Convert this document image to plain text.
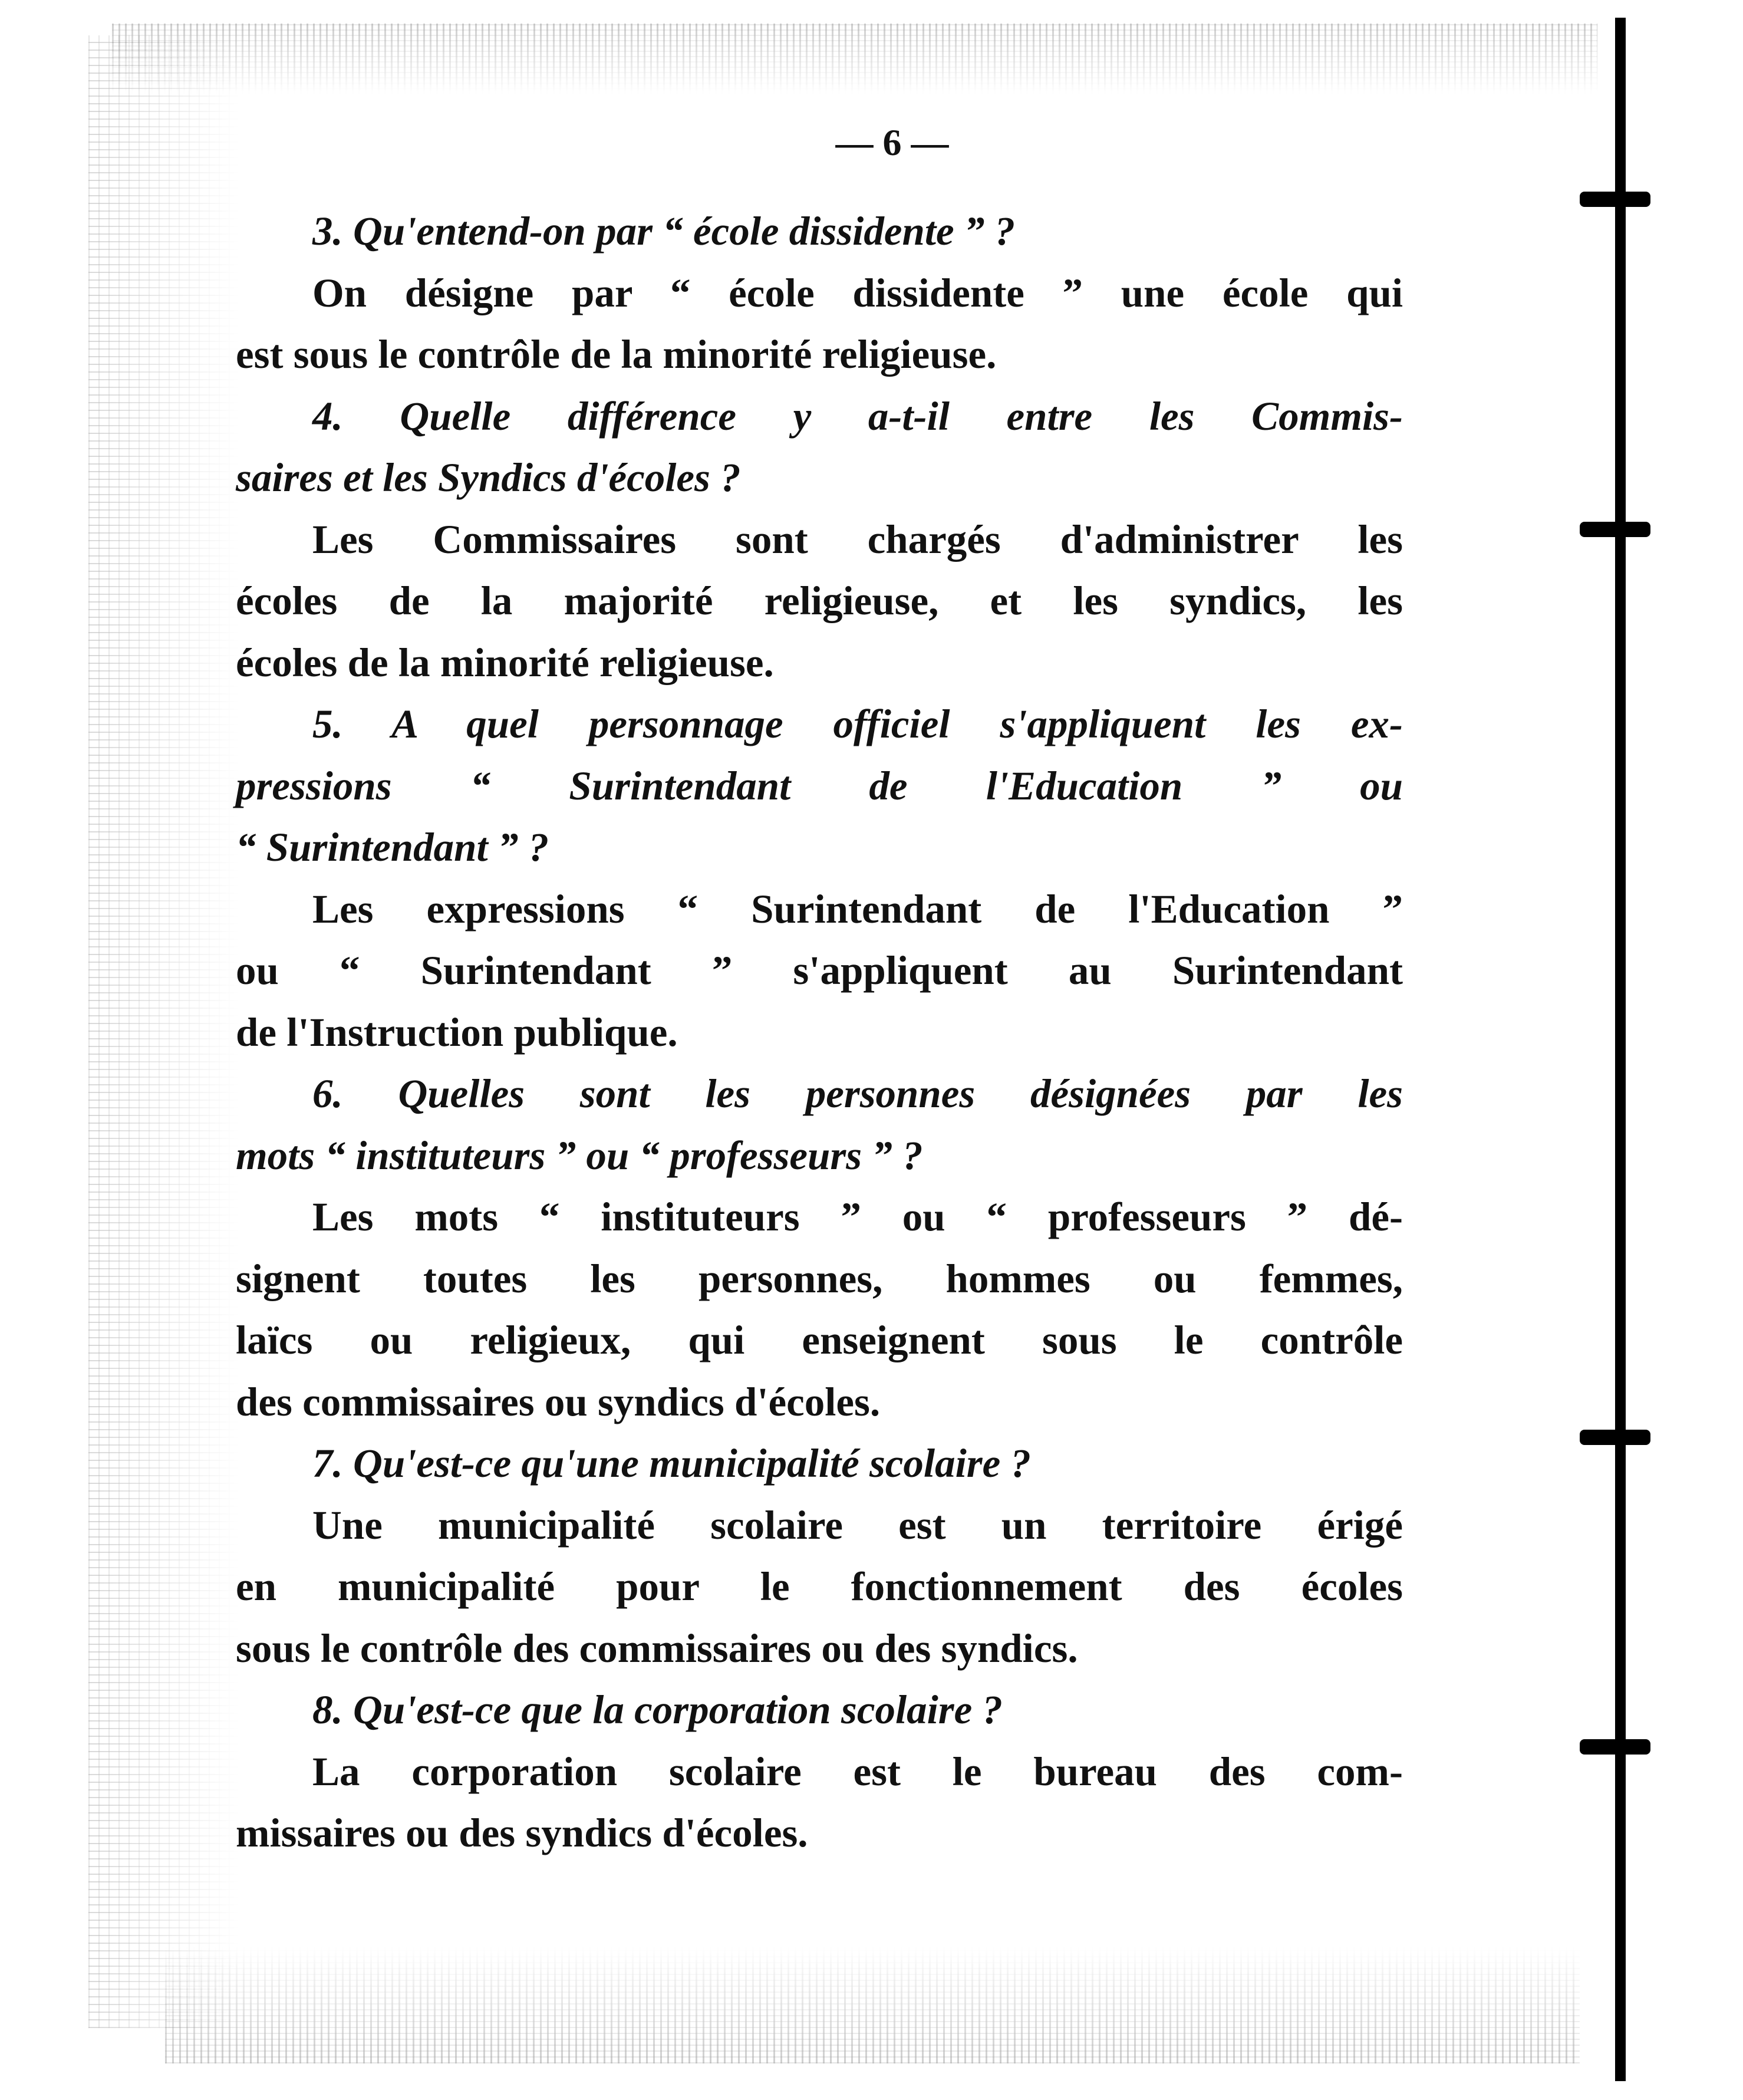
— 6 —
3. Qu'entend-on par “ école dissidente ” ?
On désigne par “ école dissidente ” une école qui
est sous le contrôle de la minorité religieuse.
4. Quelle différence y a-t-il entre les Commis-
saires et les Syndics d'écoles ?
Les Commissaires sont chargés d'administrer les
écoles de la majorité religieuse, et les syndics, les
écoles de la minorité religieuse.
5. A quel personnage officiel s'appliquent les ex-
pressions “ Surintendant de l'Education ” ou
“ Surintendant ” ?
Les expressions “ Surintendant de l'Education ”
ou “ Surintendant ” s'appliquent au Surintendant
de l'Instruction publique.
6. Quelles sont les personnes désignées par les
mots “ instituteurs ” ou “ professeurs ” ?
Les mots “ instituteurs ” ou “ professeurs ” dé-
signent toutes les personnes, hommes ou femmes,
laïcs ou religieux, qui enseignent sous le contrôle
des commissaires ou syndics d'écoles.
7. Qu'est-ce qu'une municipalité scolaire ?
Une municipalité scolaire est un territoire érigé
en municipalité pour le fonctionnement des écoles
sous le contrôle des commissaires ou des syndics.
8. Qu'est-ce que la corporation scolaire ?
La corporation scolaire est le bureau des com-
missaires ou des syndics d'écoles.
